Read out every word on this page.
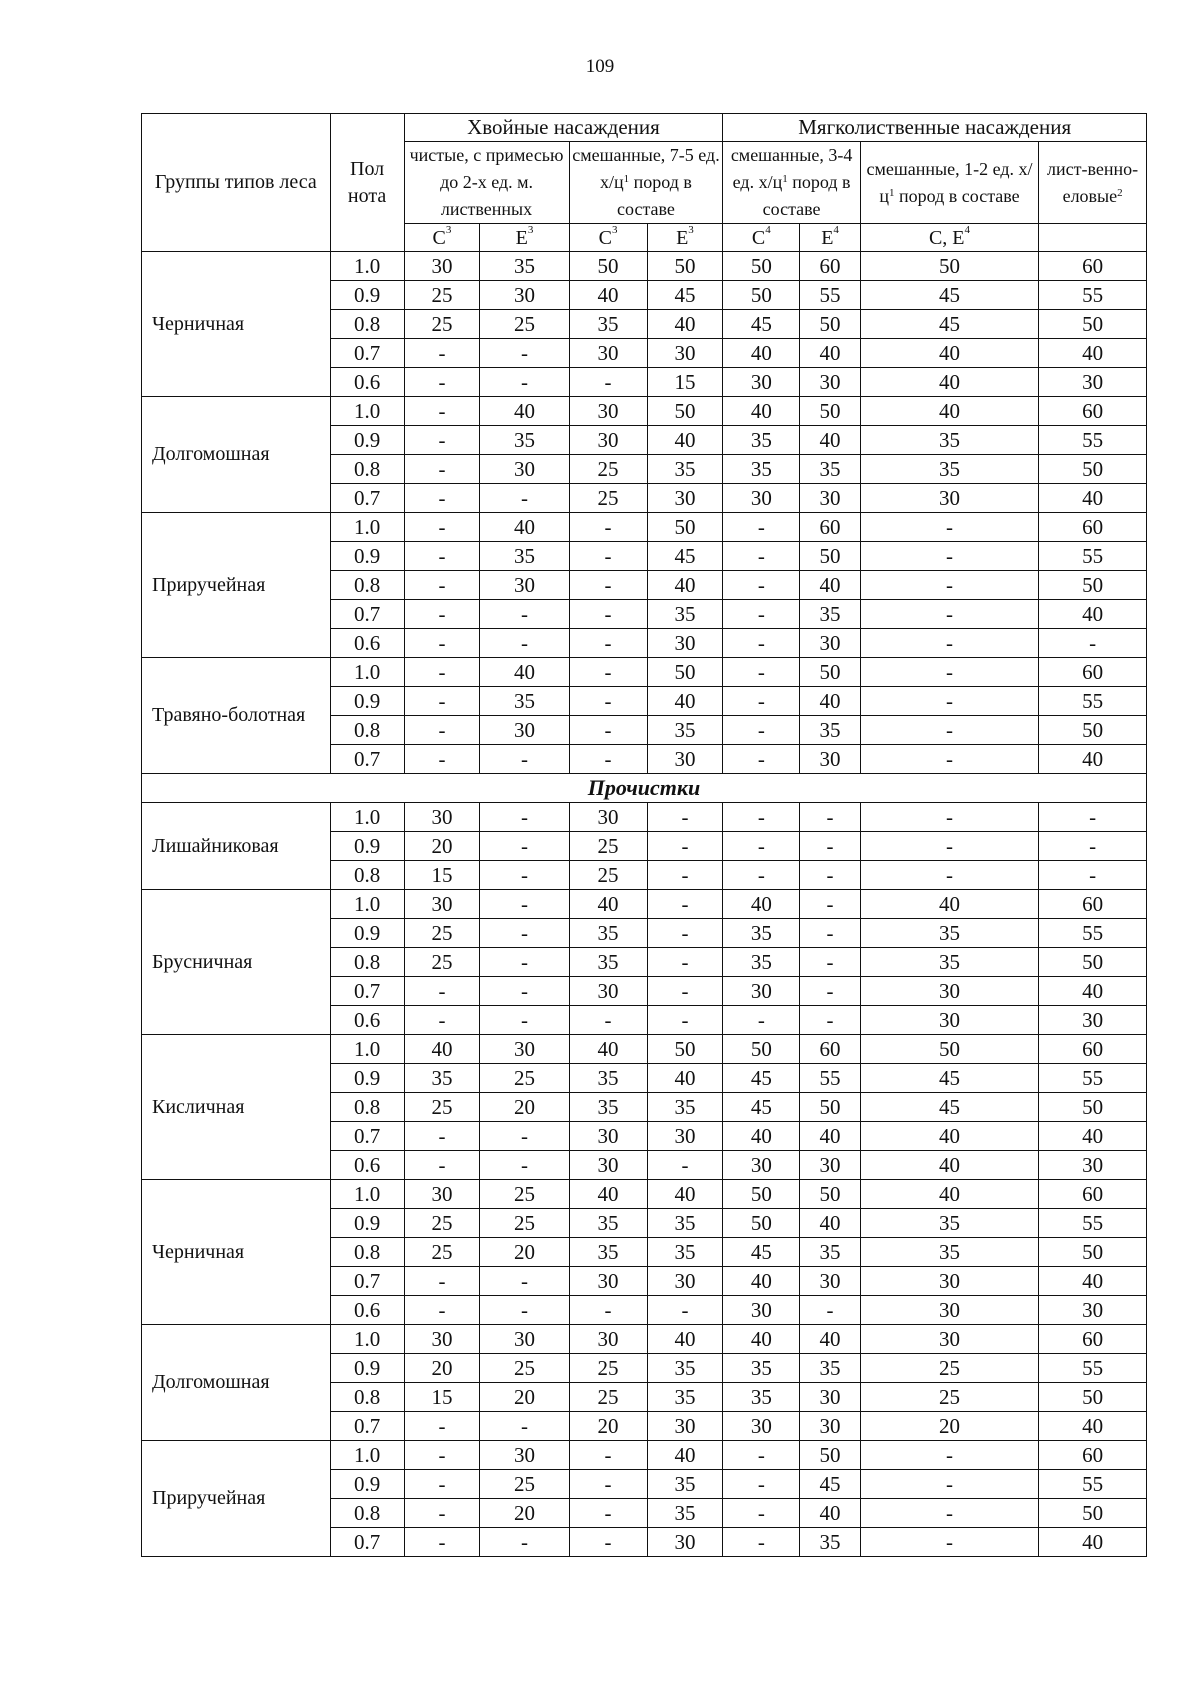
109
Группы типов леса	Пол нота	Хвойные насаждения				Мягколиственные насаждения			
		чистые, с примесью до 2-х ед. м. лиственных		смешанные, 7-5 ед. $х/ц^1$ пород в составе		смешанные, 3-4 ед. $х/ц^1$ пород в составе		смешанные, 1-2 ед. $х/ц^1$ пород в составе	лист-венно-еловые$^2$
		$С^3$	$Е^3$	$С^3$	$Е^3$	$С^4$	$Е^4$	С, $Е^4$	
Черничная	1.0	30	35	50	50	50	60	50	60
	0.9	25	30	40	45	50	55	45	55
	0.8	25	25	35	40	45	50	45	50
	0.7	-	-	30	30	40	40	40	40
	0.6	-	-	-	15	30	30	40	30
Долгомошная	1.0	-	40	30	50	40	50	40	60
	0.9	-	35	30	40	35	40	35	55
	0.8	-	30	25	35	35	35	35	50
	0.7	-	-	25	30	30	30	30	40
Приручейная	1.0	-	40	-	50	-	60	-	60
	0.9	-	35	-	45	-	50	-	55
	0.8	-	30	-	40	-	40	-	50
	0.7	-	-	-	35	-	35	-	40
	0.6	-	-	-	30	-	30	-	-
Травяно-болотная	1.0	-	40	-	50	-	50	-	60
	0.9	-	35	-	40	-	40	-	55
	0.8	-	30	-	35	-	35	-	50
	0.7	-	-	-	30	-	30	-	40
Прочистки									
Лишайниковая	1.0	30	-	30	-	-	-	-	-
	0.9	20	-	25	-	-	-	-	-
	0.8	15	-	25	-	-	-	-	-
Брусничная	1.0	30	-	40	-	40	-	40	60
	0.9	25	-	35	-	35	-	35	55
	0.8	25	-	35	-	35	-	35	50
	0.7	-	-	30	-	30	-	30	40
	0.6	-	-	-	-	-	-	30	30
Кисличная	1.0	40	30	40	50	50	60	50	60
	0.9	35	25	35	40	45	55	45	55
	0.8	25	20	35	35	45	50	45	50
	0.7	-	-	30	30	40	40	40	40
	0.6	-	-	30	-	30	30	40	30
Черничная	1.0	30	25	40	40	50	50	40	60
	0.9	25	25	35	35	50	40	35	55
	0.8	25	20	35	35	45	35	35	50
	0.7	-	-	30	30	40	30	30	40
	0.6	-	-	-	-	30	-	30	30
Долгомошная	1.0	30	30	30	40	40	40	30	60
	0.9	20	25	25	35	35	35	25	55
	0.8	15	20	25	35	35	30	25	50
	0.7	-	-	20	30	30	30	20	40
Приручейная	1.0	-	30	-	40	-	50	-	60
	0.9	-	25	-	35	-	45	-	55
	0.8	-	20	-	35	-	40	-	50
	0.7	-	-	-	30	-	35	-	40
